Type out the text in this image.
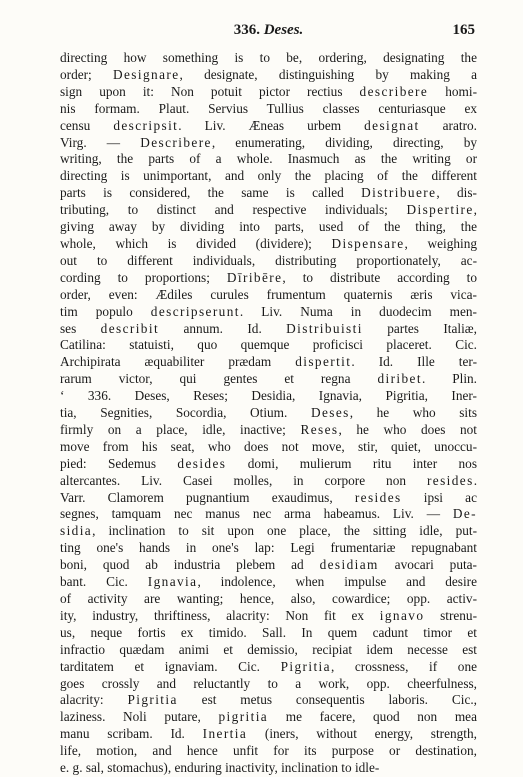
336. Deses.	165
directing how something is to be, ordering, designating the
order; Designare, designate, distinguishing by making a
sign upon it: Non potuit pictor rectius describere homi-
nis formam. Plaut. Servius Tullius classes centuriasque ex
censu descripsit. Liv. Æneas urbem designat aratro.
Virg. — Describere, enumerating, dividing, directing, by
writing, the parts of a whole. Inasmuch as the writing or
directing is unimportant, and only the placing of the different
parts is considered, the same is called Distribuere, dis-
tributing, to distinct and respective individuals; Dispertire,
giving away by dividing into parts, used of the thing, the
whole, which is divided (dividere); Dispensare, weighing
out to different individuals, distributing proportionately, ac-
cording to proportions; Dīribēre, to distribute according to
order, even: Ædiles curules frumentum quaternis æris vica-
tim populo descripserunt. Liv. Numa in duodecim men-
ses describit annum. Id. Distribuisti partes Italiæ,
Catilina: statuisti, quo quemque proficisci placeret. Cic.
Archipirata æquabiliter prædam dispertit. Id. Ille ter-
rarum victor, qui gentes et regna diribet. Plin.
‘ 336. Deses, Reses; Desidia, Ignavia, Pigritia, Iner-
tia, Segnities, Socordia, Otium. Deses, he who sits
firmly on a place, idle, inactive; Reses, he who does not
move from his seat, who does not move, stir, quiet, unoccu-
pied: Sedemus desides domi, mulierum ritu inter nos
altercantes. Liv. Casei molles, in corpore non resides.
Varr. Clamorem pugnantium exaudimus, resides ipsi ac
segnes, tamquam nec manus nec arma habeamus. Liv. — De-
sidia, inclination to sit upon one place, the sitting idle, put-
ting one's hands in one's lap: Legi frumentariæ repugnabant
boni, quod ab industria plebem ad desidiam avocari puta-
bant. Cic. Ignavia, indolence, when impulse and desire
of activity are wanting; hence, also, cowardice; opp. activ-
ity, industry, thriftiness, alacrity: Non fit ex ignavo strenu-
us, neque fortis ex timido. Sall. In quem cadunt timor et
infractio quædam animi et demissio, recipiat idem necesse est
tarditatem et ignaviam. Cic. Pigritia, crossness, if one
goes crossly and reluctantly to a work, opp. cheerfulness,
alacrity: Pigritia est metus consequentis laboris. Cic.,
laziness. Noli putare, pigritia me facere, quod non mea
manu scribam. Id. Inertia (iners, without energy, strength,
life, motion, and hence unfit for its purpose or destination,
e. g. sal, stomachus), enduring inactivity, inclination to idle-
